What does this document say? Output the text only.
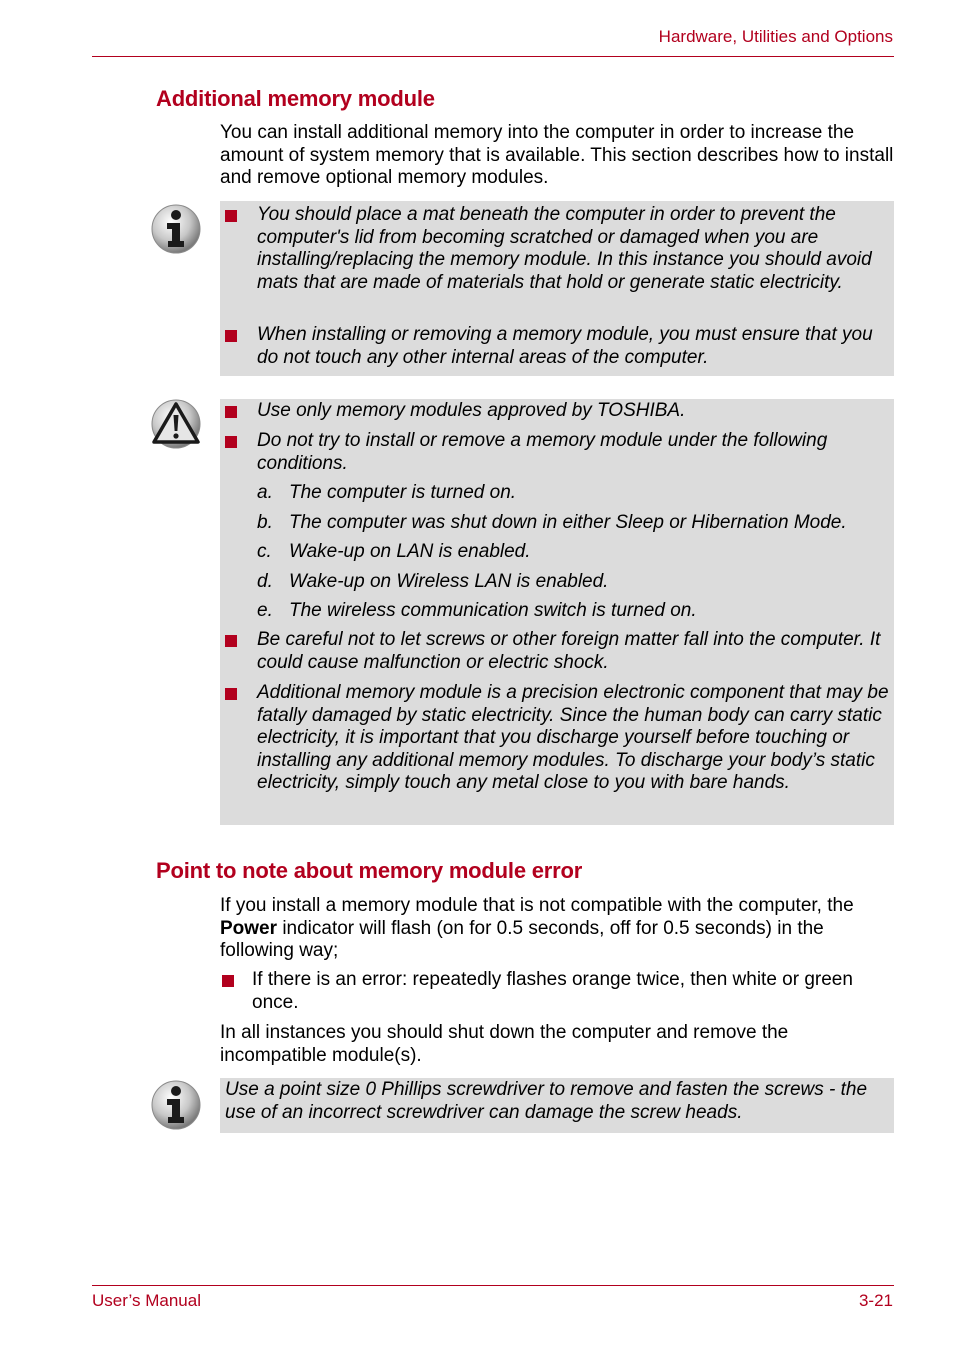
Hardware, Utilities and Options
User’s Manual	3-21
Additional memory module
You can install additional memory into the computer in order to increase the amount of system memory that is available. This section describes how to install and remove optional memory modules.
You should place a mat beneath the computer in order to prevent the computer's lid from becoming scratched or damaged when you are installing/replacing the memory module. In this instance you should avoid mats that are made of materials that hold or generate static electricity.
When installing or removing a memory module, you must ensure that you do not touch any other internal areas of the computer.
Use only memory modules approved by TOSHIBA.
Do not try to install or remove a memory module under the following conditions.
a. The computer is turned on.
b. The computer was shut down in either Sleep or Hibernation Mode.
c. Wake-up on LAN is enabled.
d. Wake-up on Wireless LAN is enabled.
e. The wireless communication switch is turned on.
Be careful not to let screws or other foreign matter fall into the computer. It could cause malfunction or electric shock.
Additional memory module is a precision electronic component that may be fatally damaged by static electricity. Since the human body can carry static electricity, it is important that you discharge yourself before touching or installing any additional memory modules. To discharge your body’s static electricity, simply touch any metal close to you with bare hands.
Point to note about memory module error
If you install a memory module that is not compatible with the computer, the Power indicator will flash (on for 0.5 seconds, off for 0.5 seconds) in the following way;
If there is an error: repeatedly flashes orange twice, then white or green once.
In all instances you should shut down the computer and remove the incompatible module(s).
Use a point size 0 Phillips screwdriver to remove and fasten the screws - the use of an incorrect screwdriver can damage the screw heads.
